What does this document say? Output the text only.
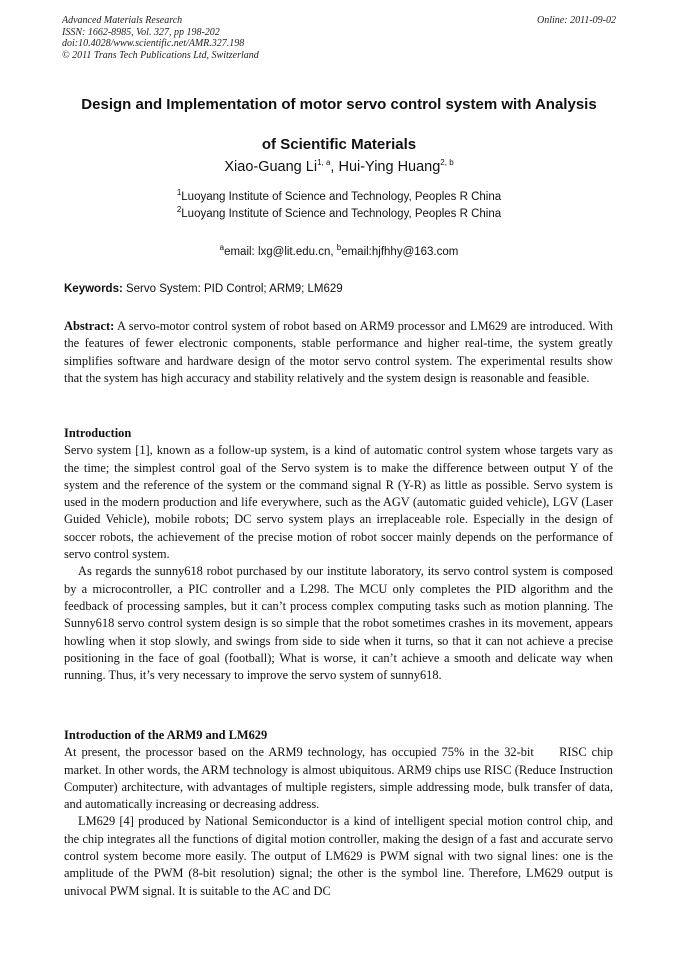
Advanced Materials Research
ISSN: 1662-8985, Vol. 327, pp 198-202
doi:10.4028/www.scientific.net/AMR.327.198
© 2011 Trans Tech Publications Ltd, Switzerland
Online: 2011-09-02
Design and Implementation of motor servo control system with Analysis
of Scientific Materials
Xiao-Guang Li$^{1, a}$, Hui-Ying Huang$^{2, b}$
$^1$Luoyang Institute of Science and Technology, Peoples R China
$^2$Luoyang Institute of Science and Technology, Peoples R China
$^a$email: lxg@lit.edu.cn, $^b$email:hjfhhy@163.com
Keywords: Servo System: PID Control; ARM9; LM629

Abstract: A servo-motor control system of robot based on ARM9 processor and LM629 are introduced. With the features of fewer electronic components, stable performance and higher real-time, the system greatly simplifies software and hardware design of the motor servo control system. The experimental results show that the system has high accuracy and stability relatively and the system design is reasonable and feasible.

Introduction

Servo system [1], known as a follow-up system, is a kind of automatic control system whose targets vary as the time; the simplest control goal of the Servo system is to make the difference between output Y of the system and the reference of the system or the command signal R (Y-R) as little as possible. Servo system is used in the modern production and life everywhere, such as the AGV (automatic guided vehicle), LGV (Laser Guided Vehicle), mobile robots; DC servo system plays an irreplaceable role. Especially in the design of soccer robots, the achievement of the precise motion of robot soccer mainly depends on the performance of servo control system.

As regards the sunny618 robot purchased by our institute laboratory, its servo control system is composed by a microcontroller, a PIC controller and a L298. The MCU only completes the PID algorithm and the feedback of processing samples, but it can’t process complex computing tasks such as motion planning. The Sunny618 servo control system design is so simple that the robot sometimes crashes in its movement, appears howling when it stop slowly, and swings from side to side when it turns, so that it can not achieve a precise positioning in the face of goal (football); What is worse, it can’t achieve a smooth and delicate way when running. Thus, it’s very necessary to improve the servo system of sunny618.

Introduction of the ARM9 and LM629

At present, the processor based on the ARM9 technology, has occupied 75% in the 32-bit     RISC chip market. In other words, the ARM technology is almost ubiquitous. ARM9 chips use RISC (Reduce Instruction Computer) architecture, with advantages of multiple registers, simple addressing mode, bulk transfer of data, and automatically increasing or decreasing address.

LM629 [4] produced by National Semiconductor is a kind of intelligent special motion control chip, and the chip integrates all the functions of digital motion controller, making the design of a fast and accurate servo control system become more easily. The output of LM629 is PWM signal with two signal lines: one is the amplitude of the PWM (8-bit resolution) signal; the other is the symbol line. Therefore, LM629 output is univocal PWM signal. It is suitable to the AC and DC
